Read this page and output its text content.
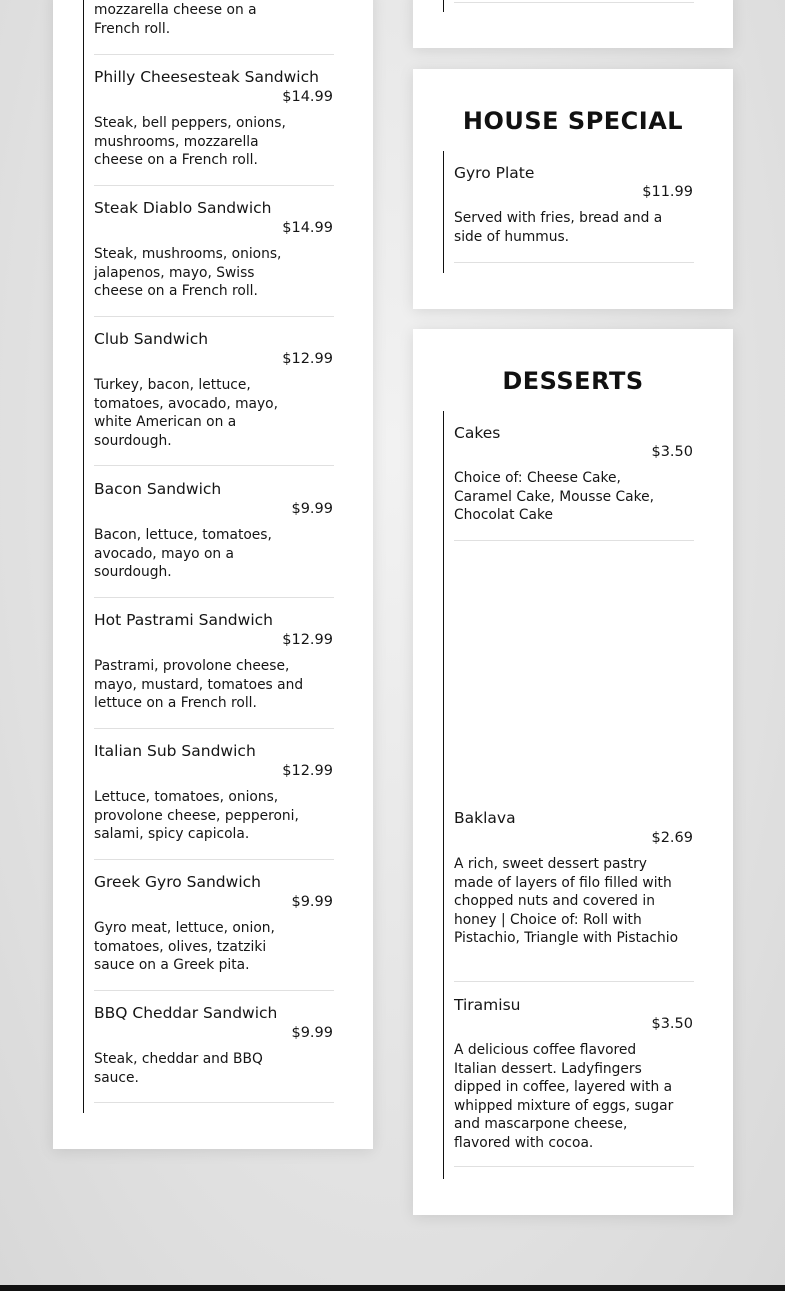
mozzarella cheese on a French roll.
Philly Cheesesteak Sandwich
$14.99
Steak, bell peppers, onions, mushrooms, mozzarella cheese on a French roll.
Steak Diablo Sandwich
$14.99
Steak, mushrooms, onions, jalapenos, mayo, Swiss cheese on a French roll.
Club Sandwich
$12.99
Turkey, bacon, lettuce, tomatoes, avocado, mayo, white American on a sourdough.
Bacon Sandwich
$9.99
Bacon, lettuce, tomatoes, avocado, mayo on a sourdough.
Hot Pastrami Sandwich
$12.99
Pastrami, provolone cheese, mayo, mustard, tomatoes and lettuce on a French roll.
Italian Sub Sandwich
$12.99
Lettuce, tomatoes, onions, provolone cheese, pepperoni, salami, spicy capicola.
Greek Gyro Sandwich
$9.99
Gyro meat, lettuce, onion, tomatoes, olives, tzatziki sauce on a Greek pita.
BBQ Cheddar Sandwich
$9.99
Steak, cheddar and BBQ sauce.
HOUSE SPECIAL
Gyro Plate
$11.99
Served with fries, bread and a side of hummus.
DESSERTS
Cakes
$3.50
Choice of: Cheese Cake, Caramel Cake, Mousse Cake, Chocolat Cake
Baklava
$2.69
A rich, sweet dessert pastry made of layers of filo filled with chopped nuts and covered in honey | Choice of: Roll with Pistachio, Triangle with Pistachio
Tiramisu
$3.50
A delicious coffee flavored Italian dessert. Ladyfingers dipped in coffee, layered with a whipped mixture of eggs, sugar and mascarpone cheese, flavored with cocoa.
